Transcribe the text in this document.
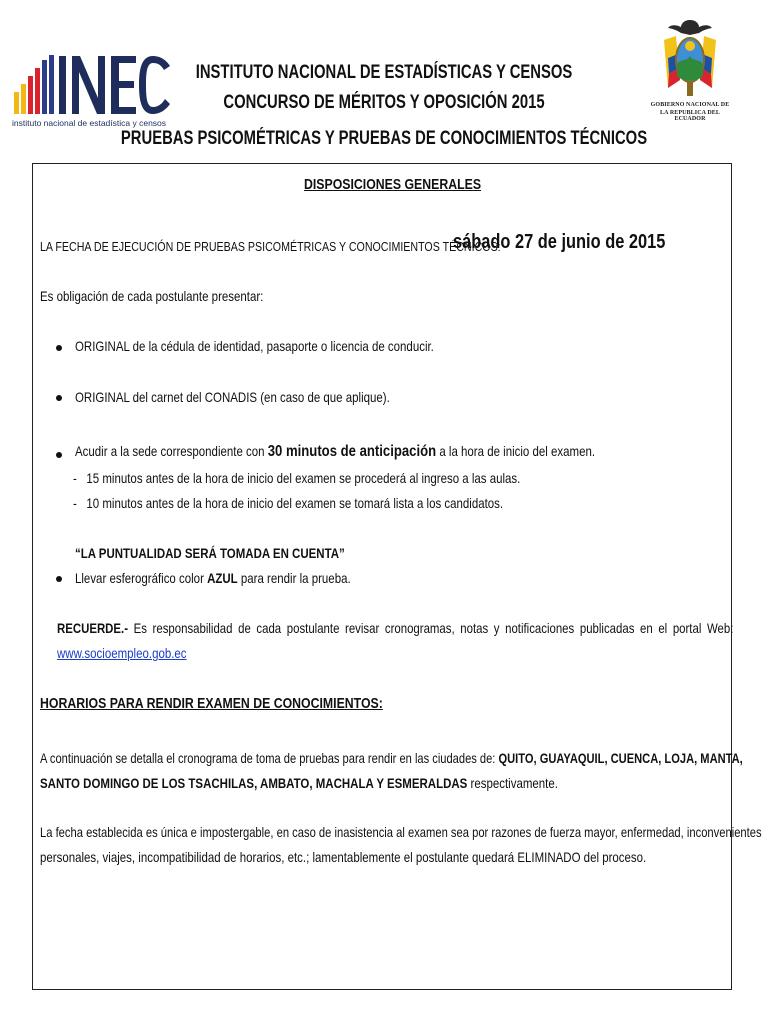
instituto nacional de estadística y censos
GOBIERNO NACIONAL DE
LA REPUBLICA DEL ECUADOR
INSTITUTO NACIONAL DE ESTADÍSTICAS Y CENSOS
CONCURSO DE MÉRITOS Y OPOSICIÓN 2015
PRUEBAS PSICOMÉTRICAS Y PRUEBAS DE CONOCIMIENTOS TÉCNICOS
DISPOSICIONES GENERALES
LA FECHA DE EJECUCIÓN DE PRUEBAS PSICOMÉTRICAS Y CONOCIMIENTOS TÉCNICOS:
sábado 27 de junio de 2015
Es obligación de cada postulante presentar:
ORIGINAL de la cédula de identidad, pasaporte o licencia de conducir.
ORIGINAL del carnet del CONADIS (en caso de que aplique).
Acudir a la sede correspondiente con 30 minutos de anticipación a la hora de inicio del examen.
-   15 minutos antes de la hora de inicio del examen se procederá al ingreso a las aulas.
-   10 minutos antes de la hora de inicio del examen se tomará lista a los candidatos.
“LA PUNTUALIDAD SERÁ TOMADA EN CUENTA”
Llevar esferográfico color AZUL para rendir la prueba.
RECUERDE.- Es responsabilidad de cada postulante revisar cronogramas, notas y notificaciones publicadas en el portal Web:
www.socioempleo.gob.ec
HORARIOS PARA RENDIR EXAMEN DE CONOCIMIENTOS:
A continuación se detalla el cronograma de toma de pruebas para rendir en las ciudades de: QUITO, GUAYAQUIL, CUENCA, LOJA, MANTA,
SANTO DOMINGO DE LOS TSACHILAS, AMBATO, MACHALA Y ESMERALDAS respectivamente.
La fecha establecida es única e impostergable, en caso de inasistencia al examen sea por razones de fuerza mayor, enfermedad, inconvenientes
personales, viajes, incompatibilidad de horarios, etc.; lamentablemente el postulante quedará ELIMINADO del proceso.
